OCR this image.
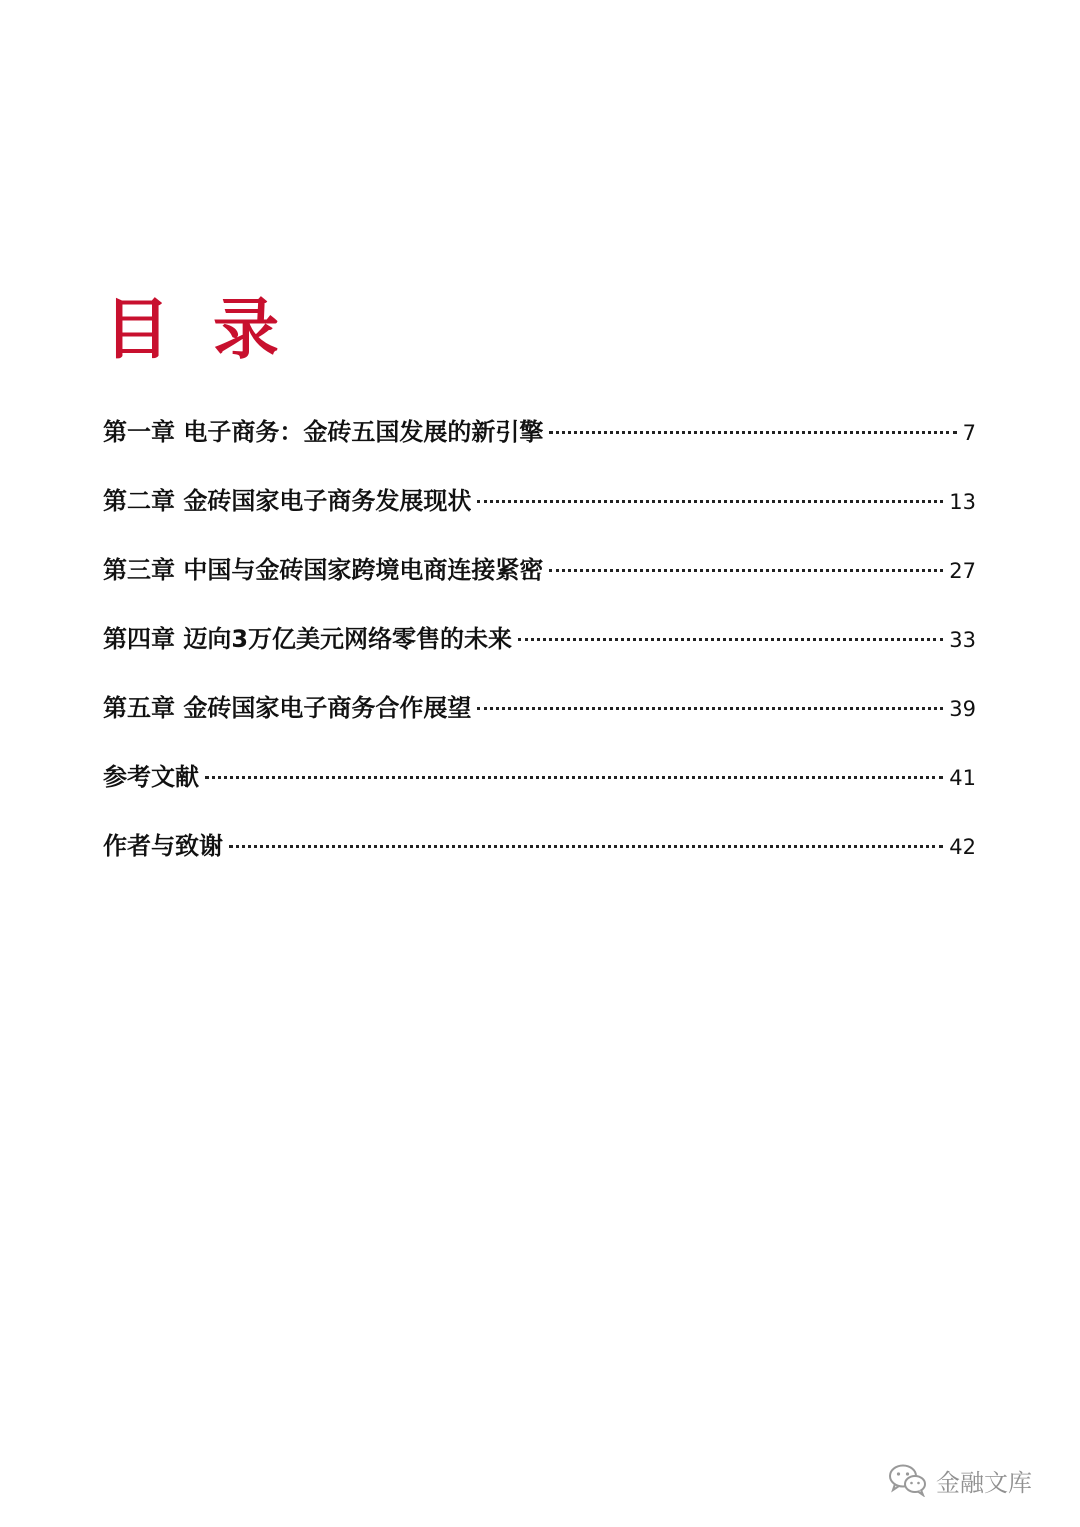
目 录
第一章 电子商务：金砖五国发展的新引擎	7
第二章 金砖国家电子商务发展现状	13
第三章 中国与金砖国家跨境电商连接紧密	27
第四章 迈向3万亿美元网络零售的未来	33
第五章 金砖国家电子商务合作展望	39
参考文献	41
作者与致谢	42
金融文库
